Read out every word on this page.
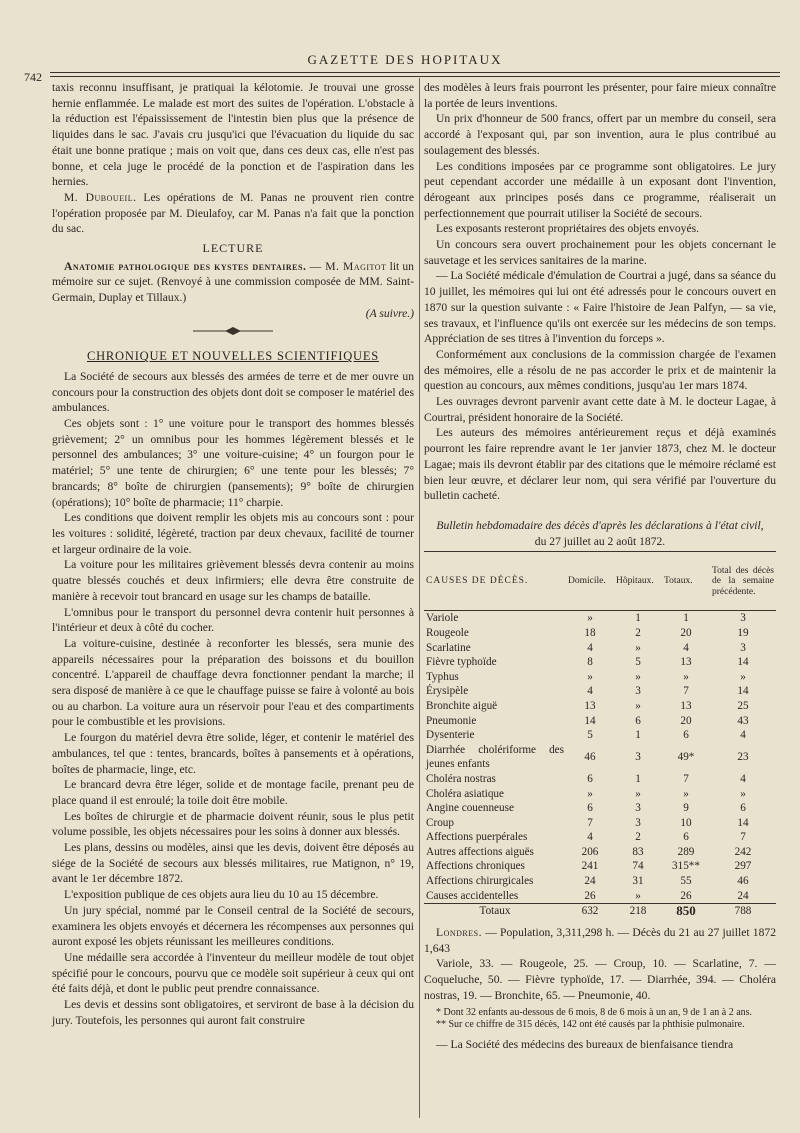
GAZETTE DES HOPITAUX
742

taxis reconnu insuffisant, je pratiquai la kélotomie. Je trouvai une grosse hernie enflammée. Le malade est mort des suites de l'opération. L'obstacle à la réduction est l'épaississement de l'intestin bien plus que la présence de liquides dans le sac. J'avais cru jusqu'ici que l'évacuation du liquide du sac était une bonne pratique ; mais on voit que, dans ces deux cas, elle n'est pas bonne, et cela juge le procédé de la ponction et de l'aspiration dans les hernies.

M. Duboueil. Les opérations de M. Panas ne prouvent rien contre l'opération proposée par M. Dieulafoy, car M. Panas n'a fait que la ponction du sac.

LECTURE

Anatomie pathologique des kystes dentaires. — M. Magitot lit un mémoire sur ce sujet. (Renvoyé à une commission composée de MM. Saint-Germain, Duplay et Tillaux.)

(A suivre.)
CHRONIQUE ET NOUVELLES SCIENTIFIQUES

La Société de secours aux blessés des armées de terre et de mer ouvre un concours pour la construction des objets dont doit se composer le matériel des ambulances.

Ces objets sont : 1° une voiture pour le transport des hommes blessés grièvement; 2° un omnibus pour les hommes légèrement blessés et le personnel des ambulances; 3° une voiture-cuisine; 4° un fourgon pour le matériel; 5° une tente de chirurgien; 6° une tente pour les blessés; 7° brancards; 8° boîte de chirurgien (pansements); 9° boîte de chirurgien (opérations); 10° boîte de pharmacie; 11° charpie.

Les conditions que doivent remplir les objets mis au concours sont : pour les voitures : solidité, légèreté, traction par deux chevaux, facilité de tourner et largeur ordinaire de la voie.

La voiture pour les militaires grièvement blessés devra contenir au moins quatre blessés couchés et deux infirmiers; elle devra être construite de manière à recevoir tout brancard en usage sur les champs de bataille.

L'omnibus pour le transport du personnel devra contenir huit personnes à l'intérieur et deux à côté du cocher.

La voiture-cuisine, destinée à reconforter les blessés, sera munie des appareils nécessaires pour la préparation des boissons et du bouillon concentré. L'appareil de chauffage devra fonctionner pendant la marche; il sera disposé de manière à ce que le chauffage puisse se faire à volonté au bois ou au charbon. La voiture aura un réservoir pour l'eau et des compartiments pour le combustible et les provisions.

Le fourgon du matériel devra être solide, léger, et contenir le matériel des ambulances, tel que : tentes, brancards, boîtes à pansements et à opérations, boîtes de pharmacie, linge, etc.

Le brancard devra être léger, solide et de montage facile, prenant peu de place quand il est enroulé; la toile doit être mobile.

Les boîtes de chirurgie et de pharmacie doivent réunir, sous le plus petit volume possible, les objets nécessaires pour les soins à donner aux blessés.

Les plans, dessins ou modèles, ainsi que les devis, doivent être déposés au siége de la Société de secours aux blessés militaires, rue Matignon, n° 19, avant le 1er décembre 1872.

L'exposition publique de ces objets aura lieu du 10 au 15 décembre.

Un jury spécial, nommé par le Conseil central de la Société de secours, examinera les objets envoyés et décernera les récompenses aux personnes qui auront exposé les objets réunissant les meilleures conditions.

Une médaille sera accordée à l'inventeur du meilleur modèle de tout objet spécifié pour le concours, pourvu que ce modèle soit supérieur à ceux qui ont été faits déjà, et dont le public peut prendre connaissance.

Les devis et dessins sont obligatoires, et serviront de base à la décision du jury. Toutefois, les personnes qui auront fait construire

des modèles à leurs frais pourront les présenter, pour faire mieux connaître la portée de leurs inventions.

Un prix d'honneur de 500 francs, offert par un membre du conseil, sera accordé à l'exposant qui, par son invention, aura le plus contribué au soulagement des blessés.

Les conditions imposées par ce programme sont obligatoires. Le jury peut cependant accorder une médaille à un exposant dont l'invention, dérogeant aux principes posés dans ce programme, réaliserait un perfectionnement que pourrait utiliser la Société de secours.

Les exposants resteront propriétaires des objets envoyés.

Un concours sera ouvert prochainement pour les objets concernant le sauvetage et les services sanitaires de la marine.

— La Société médicale d'émulation de Courtrai a jugé, dans sa séance du 10 juillet, les mémoires qui lui ont été adressés pour le concours ouvert en 1870 sur la question suivante : « Faire l'histoire de Jean Palfyn, — sa vie, ses travaux, et l'influence qu'ils ont exercée sur les médecins de son temps. Appréciation de ses titres à l'invention du forceps ».

Conformément aux conclusions de la commission chargée de l'examen des mémoires, elle a résolu de ne pas accorder le prix et de maintenir la question au concours, aux mêmes conditions, jusqu'au 1er mars 1874.

Les ouvrages devront parvenir avant cette date à M. le docteur Lagae, à Courtrai, président honoraire de la Société.

Les auteurs des mémoires antérieurement reçus et déjà examinés pourront les faire reprendre avant le 1er janvier 1873, chez M. le docteur Lagae; mais ils devront établir par des citations que le mémoire réclamé est bien leur œuvre, et déclarer leur nom, qui sera vérifié par l'ouverture du bulletin cacheté.

Bulletin hebdomadaire des décès d'après les déclarations à l'état civil,
du 27 juillet au 2 août 1872.
CAUSES DE DÉCÈS.	Domicile.	Hôpitaux.	Totaux.	Total des décès de la semaine précédente.
Variole	»	1	1	3
Rougeole	18	2	20	19
Scarlatine	4	»	4	3
Fièvre typhoïde	8	5	13	14
Typhus	»	»	»	»
Érysipèle	4	3	7	14
Bronchite aiguë	13	»	13	25
Pneumonie	14	6	20	43
Dysenterie	5	1	6	4
Diarrhée cholériforme des jeunes enfants	46	3	49*	23
Choléra nostras	6	1	7	4
Choléra asiatique	»	»	»	»
Angine couenneuse	6	3	9	6
Croup	7	3	10	14
Affections puerpérales	4	2	6	7
Autres affections aiguës	206	83	289	242
Affections chroniques	241	74	315**	297
Affections chirurgicales	24	31	55	46
Causes accidentelles	26	»	26	24
Totaux	632	218	850	788

Londres. — Population, 3,311,298 h. — Décès du 21 au 27 juillet 1872 1,643

Variole, 33. — Rougeole, 25. — Croup, 10. — Scarlatine, 7. — Coqueluche, 50. — Fièvre typhoïde, 17. — Diarrhée, 394. — Choléra nostras, 19. — Bronchite, 65. — Pneumonie, 40.

* Dont 32 enfants au-dessous de 6 mois, 8 de 6 mois à un an, 9 de 1 an à 2 ans.

** Sur ce chiffre de 315 décès, 142 ont été causés par la phthisie pulmonaire.

— La Société des médecins des bureaux de bienfaisance tiendra
